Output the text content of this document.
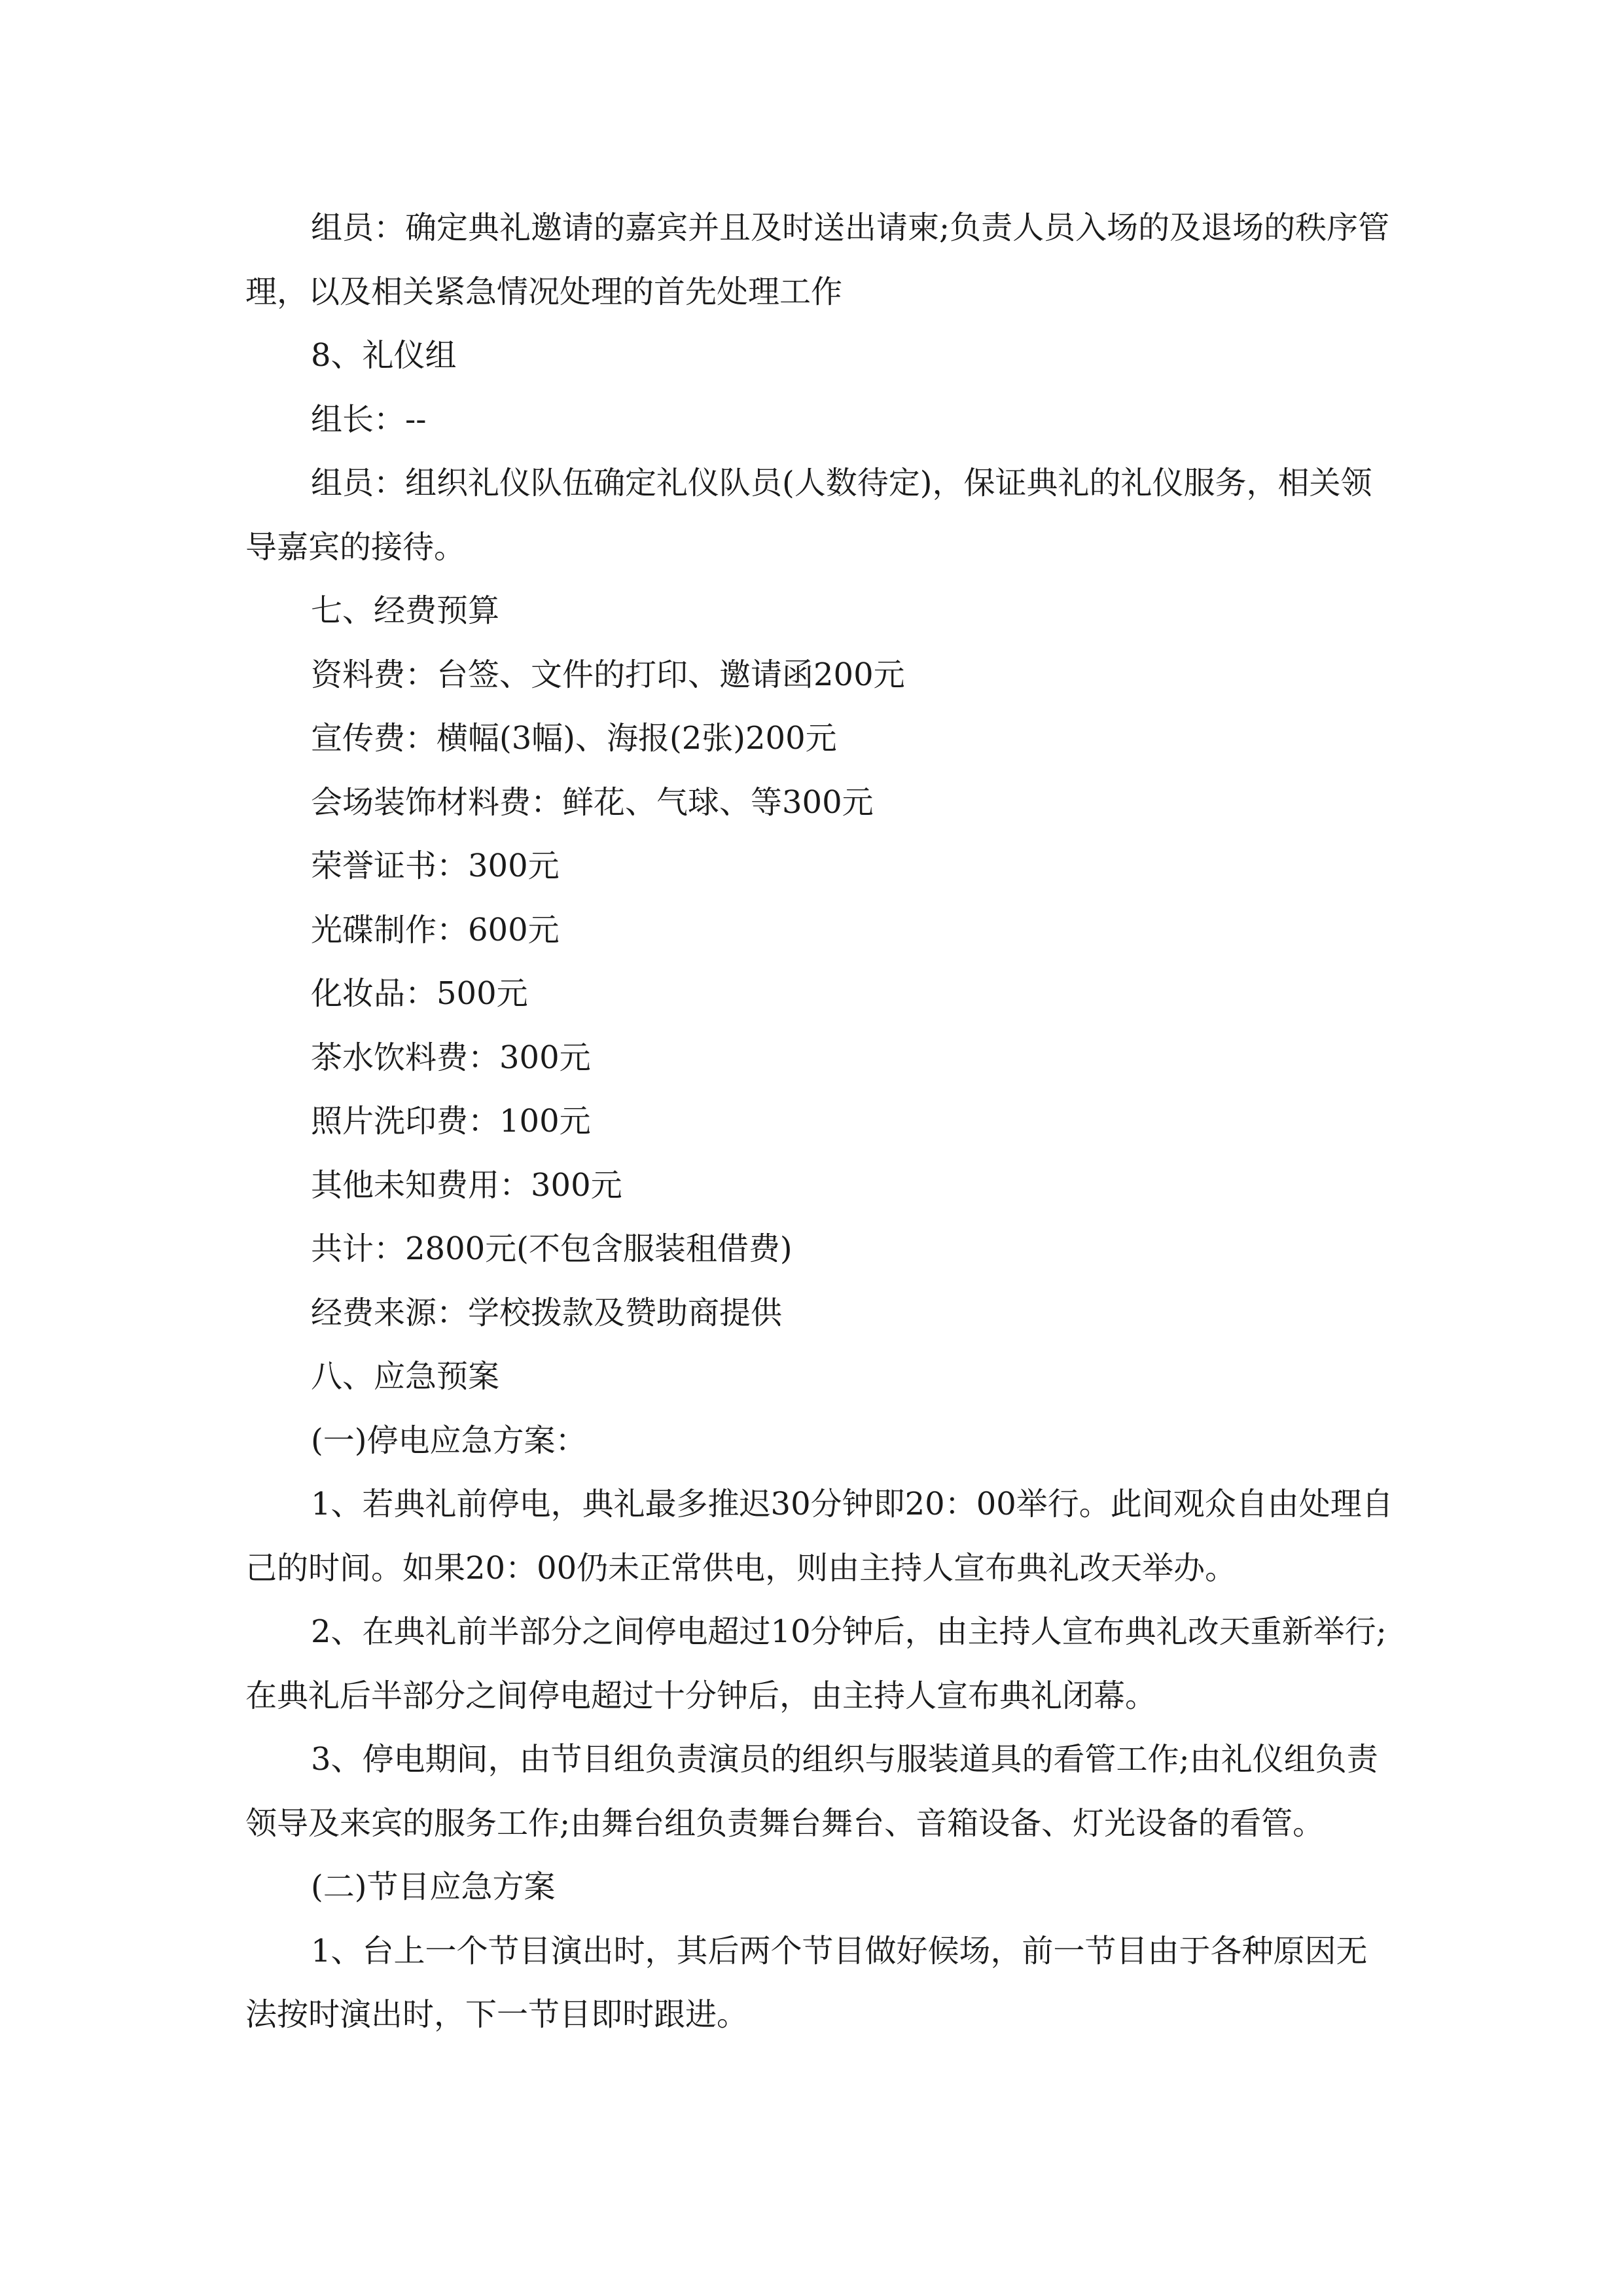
组员：确定典礼邀请的嘉宾并且及时送出请柬;负责人员入场的及退场的秩序管理，以及相关紧急情况处理的首先处理工作

8、礼仪组

组长：--

组员：组织礼仪队伍确定礼仪队员(人数待定)，保证典礼的礼仪服务，相关领导嘉宾的接待。

七、经费预算

资料费：台签、文件的打印、邀请函200元

宣传费：横幅(3幅)、海报(2张)200元

会场装饰材料费：鲜花、气球、等300元

荣誉证书：300元

光碟制作：600元

化妆品：500元

茶水饮料费：300元

照片洗印费：100元

其他未知费用：300元

共计：2800元(不包含服装租借费)

经费来源：学校拨款及赞助商提供

八、应急预案

(一)停电应急方案：

1、若典礼前停电，典礼最多推迟30分钟即20：00举行。此间观众自由处理自己的时间。如果20：00仍未正常供电，则由主持人宣布典礼改天举办。

2、在典礼前半部分之间停电超过10分钟后，由主持人宣布典礼改天重新举行;在典礼后半部分之间停电超过十分钟后，由主持人宣布典礼闭幕。

3、停电期间，由节目组负责演员的组织与服装道具的看管工作;由礼仪组负责领导及来宾的服务工作;由舞台组负责舞台舞台、音箱设备、灯光设备的看管。

(二)节目应急方案

1、台上一个节目演出时，其后两个节目做好候场，前一节目由于各种原因无法按时演出时，下一节目即时跟进。
